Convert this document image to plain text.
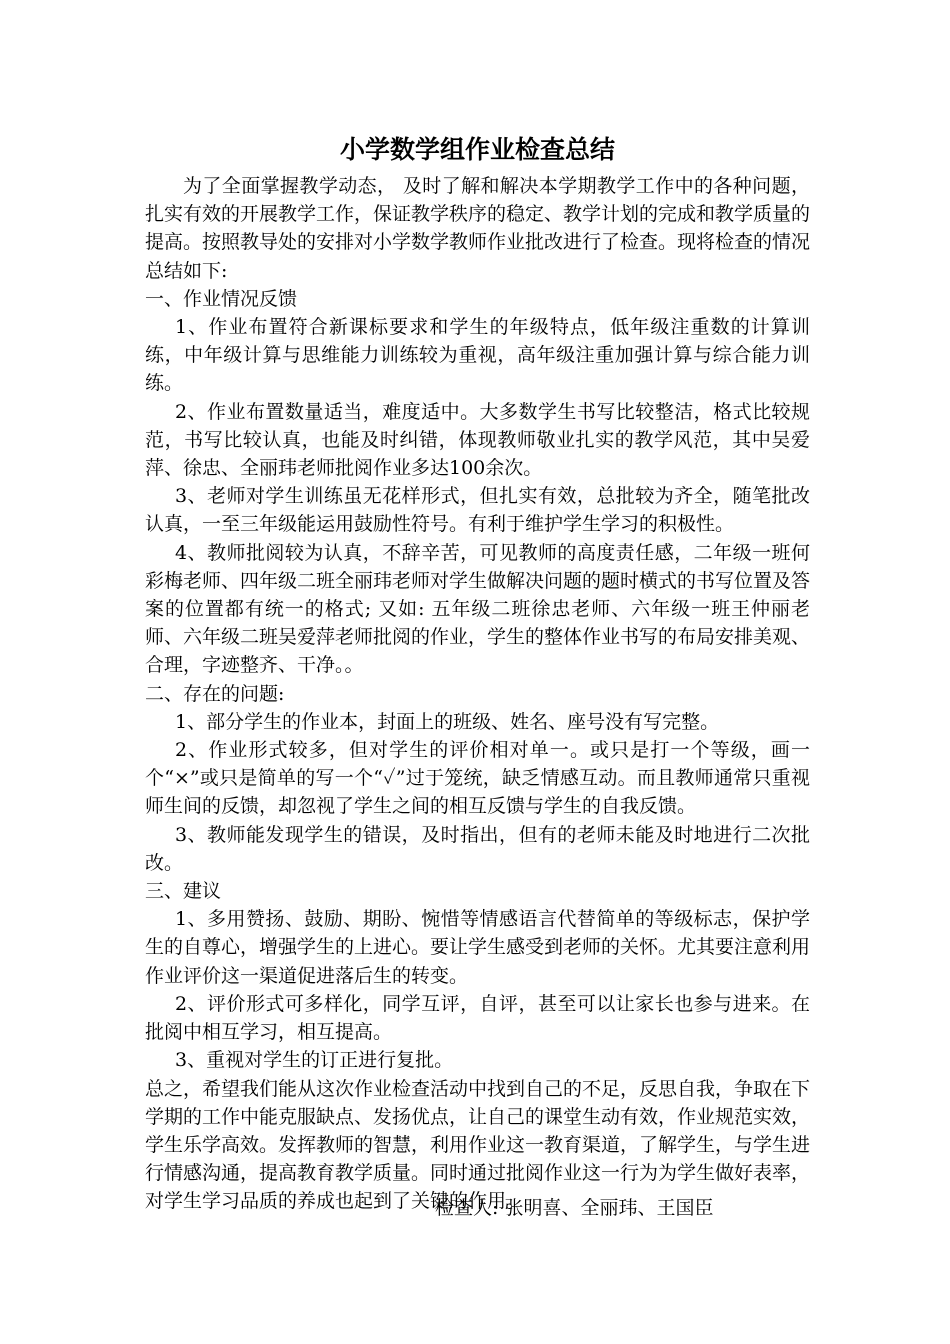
小学数学组作业检查总结

为了全面掌握教学动态， 及时了解和解决本学期教学工作中的各种问题，扎实有效的开展教学工作，保证教学秩序的稳定、教学计划的完成和教学质量的提高。按照教导处的安排对小学数学教师作业批改进行了检查。现将检查的情况总结如下:

一、作业情况反馈

1、作业布置符合新课标要求和学生的年级特点，低年级注重数的计算训练，中年级计算与思维能力训练较为重视，高年级注重加强计算与综合能力训练。

2、作业布置数量适当，难度适中。大多数学生书写比较整洁，格式比较规范，书写比较认真，也能及时纠错，体现教师敬业扎实的教学风范，其中吴爱萍、徐忠、全丽玮老师批阅作业多达100余次。

3、老师对学生训练虽无花样形式，但扎实有效，总批较为齐全，随笔批改认真，一至三年级能运用鼓励性符号。有利于维护学生学习的积极性。

4、教师批阅较为认真，不辞辛苦，可见教师的高度责任感，二年级一班何彩梅老师、四年级二班全丽玮老师对学生做解决问题的题时横式的书写位置及答案的位置都有统一的格式; 又如: 五年级二班徐忠老师、六年级一班王仲丽老师、六年级二班吴爱萍老师批阅的作业，学生的整体作业书写的布局安排美观、合理，字迹整齐、干净。。

二、存在的问题:

1、部分学生的作业本，封面上的班级、姓名、座号没有写完整。

2、作业形式较多，但对学生的评价相对单一。或只是打一个等级，画一个“×”或只是简单的写一个“✓”过于笼统，缺乏情感互动。而且教师通常只重视师生间的反馈，却忽视了学生之间的相互反馈与学生的自我反馈。

3、教师能发现学生的错误，及时指出，但有的老师未能及时地进行二次批改。

三、建议

1、多用赞扬、鼓励、期盼、惋惜等情感语言代替简单的等级标志，保护学生的自尊心，增强学生的上进心。要让学生感受到老师的关怀。尤其要注意利用作业评价这一渠道促进落后生的转变。

2、评价形式可多样化，同学互评，自评，甚至可以让家长也参与进来。在批阅中相互学习，相互提高。

3、重视对学生的订正进行复批。

总之，希望我们能从这次作业检查活动中找到自己的不足，反思自我，争取在下学期的工作中能克服缺点、发扬优点，让自己的课堂生动有效，作业规范实效，学生乐学高效。发挥教师的智慧，利用作业这一教育渠道，了解学生，与学生进行情感沟通，提高教育教学质量。同时通过批阅作业这一行为为学生做好表率，对学生学习品质的养成也起到了关键的作用。

检查人: 张明喜、全丽玮、王国臣
